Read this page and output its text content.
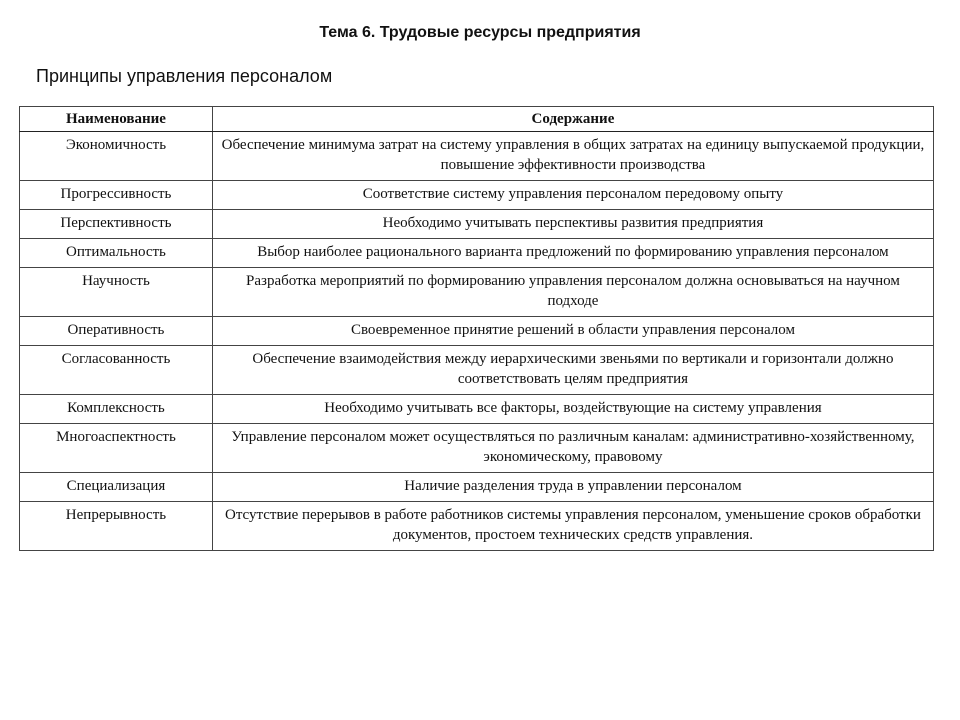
Тема 6. Трудовые ресурсы предприятия
Принципы управления персоналом
Наименование	Содержание
Экономичность	Обеспечение минимума затрат на систему управления в общих затратах на единицу выпускаемой продукции, повышение эффективности производства
Прогрессивность	Соответствие систему управления персоналом передовому опыту
Перспективность	Необходимо учитывать перспективы развития предприятия
Оптимальность	Выбор наиболее рационального варианта предложений по формированию управления персоналом
Научность	Разработка мероприятий по формированию управления персоналом должна основываться на научном подходе
Оперативность	Своевременное принятие решений в области управления персоналом
Согласованность	Обеспечение взаимодействия между иерархическими звеньями по вертикали и горизонтали должно соответствовать целям предприятия
Комплексность	Необходимо учитывать все факторы, воздействующие на систему управления
Многоаспектность	Управление персоналом может осуществляться по различным каналам: административно-хозяйственному, экономическому, правовому
Специализация	Наличие разделения труда в управлении персоналом
Непрерывность	Отсутствие перерывов в работе работников системы управления персоналом, уменьшение сроков обработки документов, простоем технических средств управления.
